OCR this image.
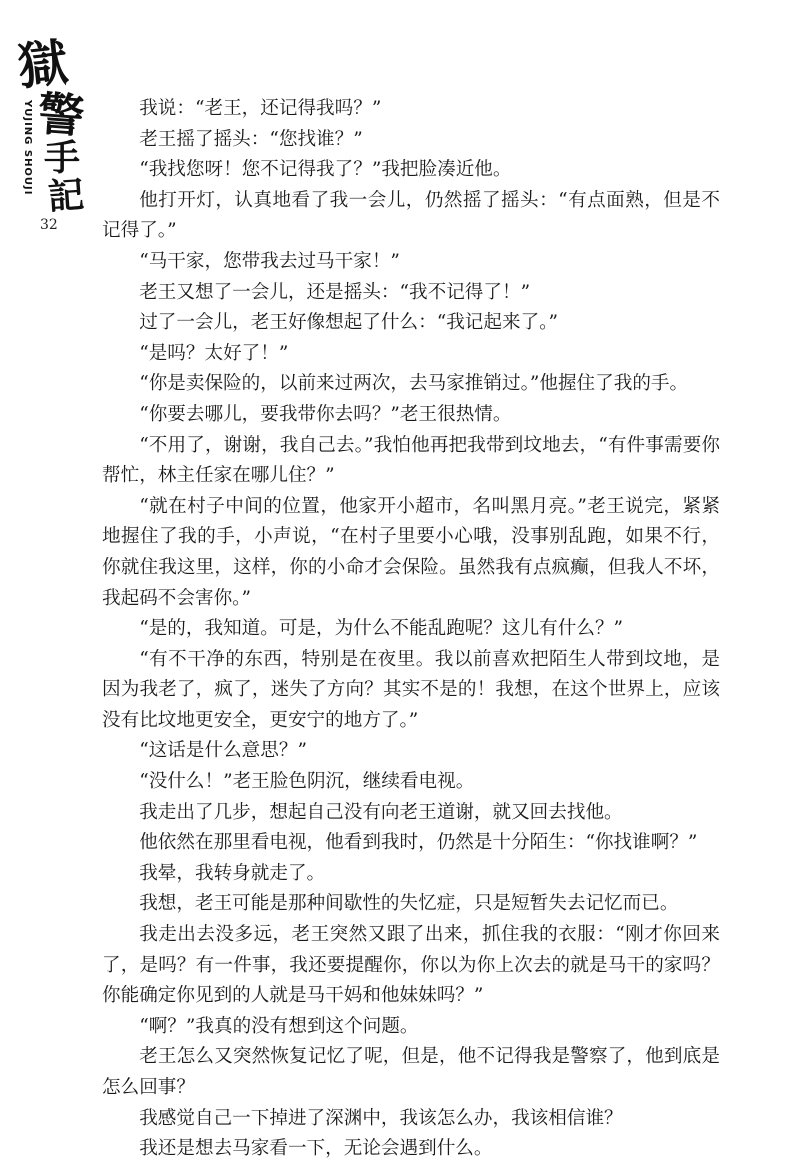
獄
警
手
記
YUJING SHOUJI
32

我说：“老王，还记得我吗？”

老王摇了摇头：“您找谁？”

“我找您呀！您不记得我了？”我把脸凑近他。

他打开灯，认真地看了我一会儿，仍然摇了摇头：“有点面熟，但是不记得了。”

“马干家，您带我去过马干家！”

老王又想了一会儿，还是摇头：“我不记得了！”

过了一会儿，老王好像想起了什么：“我记起来了。”

“是吗？太好了！”

“你是卖保险的，以前来过两次，去马家推销过。”他握住了我的手。

“你要去哪儿，要我带你去吗？”老王很热情。

“不用了，谢谢，我自己去。”我怕他再把我带到坟地去，“有件事需要你帮忙，林主任家在哪儿住？”

“就在村子中间的位置，他家开小超市，名叫黑月亮。”老王说完，紧紧地握住了我的手，小声说，“在村子里要小心哦，没事别乱跑，如果不行，你就住我这里，这样，你的小命才会保险。虽然我有点疯癫，但我人不坏，我起码不会害你。”

“是的，我知道。可是，为什么不能乱跑呢？这儿有什么？”

“有不干净的东西，特别是在夜里。我以前喜欢把陌生人带到坟地，是因为我老了，疯了，迷失了方向？其实不是的！我想，在这个世界上，应该没有比坟地更安全，更安宁的地方了。”

“这话是什么意思？”

“没什么！”老王脸色阴沉，继续看电视。

我走出了几步，想起自己没有向老王道谢，就又回去找他。

他依然在那里看电视，他看到我时，仍然是十分陌生：“你找谁啊？”

我晕，我转身就走了。

我想，老王可能是那种间歇性的失忆症，只是短暂失去记忆而已。

我走出去没多远，老王突然又跟了出来，抓住我的衣服：“刚才你回来了，是吗？有一件事，我还要提醒你，你以为你上次去的就是马干的家吗？你能确定你见到的人就是马干妈和他妹妹吗？”

“啊？”我真的没有想到这个问题。

老王怎么又突然恢复记忆了呢，但是，他不记得我是警察了，他到底是怎么回事？

我感觉自己一下掉进了深渊中，我该怎么办，我该相信谁？

我还是想去马家看一下，无论会遇到什么。
